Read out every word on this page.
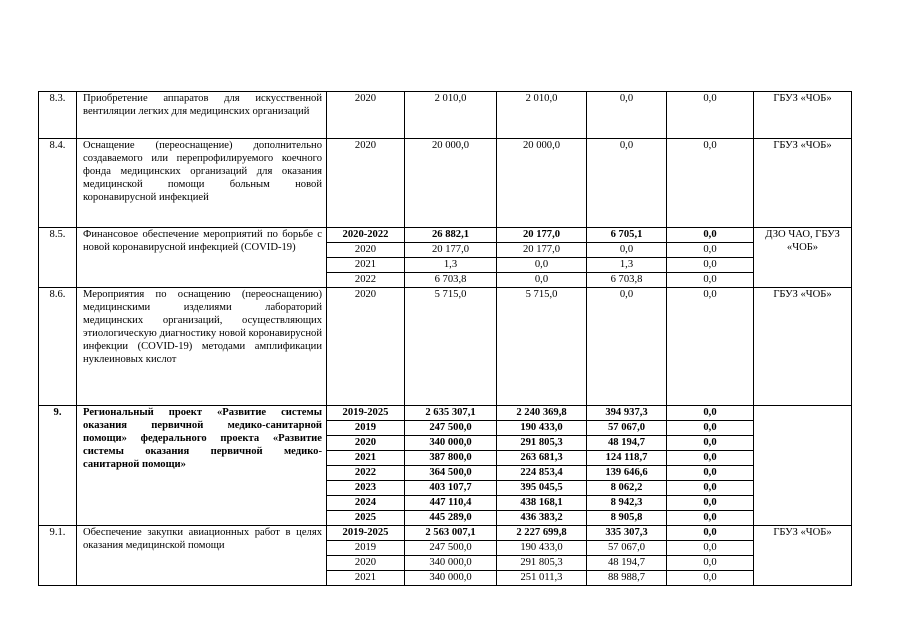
8.3.	Приобретение аппаратов для искусственной вентиляции легких для медицинских организаций	2020	2 010,0	2 010,0	0,0	0,0	ГБУЗ «ЧОБ»
8.4.	Оснащение (переоснащение) дополнительно создаваемого или перепрофилируемого коечного фонда медицинских организаций для оказания медицинской помощи больным новой коронавирусной инфекцией	2020	20 000,0	20 000,0	0,0	0,0	ГБУЗ «ЧОБ»
8.5.	Финансовое обеспечение мероприятий по борьбе с новой коронавирусной инфекцией (COVID-19)	2020-2022	26 882,1	20 177,0	6 705,1	0,0	ДЗО ЧАО, ГБУЗ «ЧОБ»
		2020	20 177,0	20 177,0	0,0	0,0	
		2021	1,3	0,0	1,3	0,0	
		2022	6 703,8	0,0	6 703,8	0,0	
8.6.	Мероприятия по оснащению (переоснащению) медицинскими изделиями лабораторий медицинских организаций, осуществляющих этиологическую диагностику новой коронавирусной инфекции (COVID-19) методами амплификации нуклеиновых кислот	2020	5 715,0	5 715,0	0,0	0,0	ГБУЗ «ЧОБ»
9.	Региональный проект «Развитие системы оказания первичной медико-санитарной помощи» федерального проекта «Развитие системы оказания первичной медико-санитарной помощи»	2019-2025	2 635 307,1	2 240 369,8	394 937,3	0,0	
		2019	247 500,0	190 433,0	57 067,0	0,0	
		2020	340 000,0	291 805,3	48 194,7	0,0	
		2021	387 800,0	263 681,3	124 118,7	0,0	
		2022	364 500,0	224 853,4	139 646,6	0,0	
		2023	403 107,7	395 045,5	8 062,2	0,0	
		2024	447 110,4	438 168,1	8 942,3	0,0	
		2025	445 289,0	436 383,2	8 905,8	0,0	
9.1.	Обеспечение закупки авиационных работ в целях оказания медицинской помощи	2019-2025	2 563 007,1	2 227 699,8	335 307,3	0,0	ГБУЗ «ЧОБ»
		2019	247 500,0	190 433,0	57 067,0	0,0	
		2020	340 000,0	291 805,3	48 194,7	0,0	
		2021	340 000,0	251 011,3	88 988,7	0,0	
